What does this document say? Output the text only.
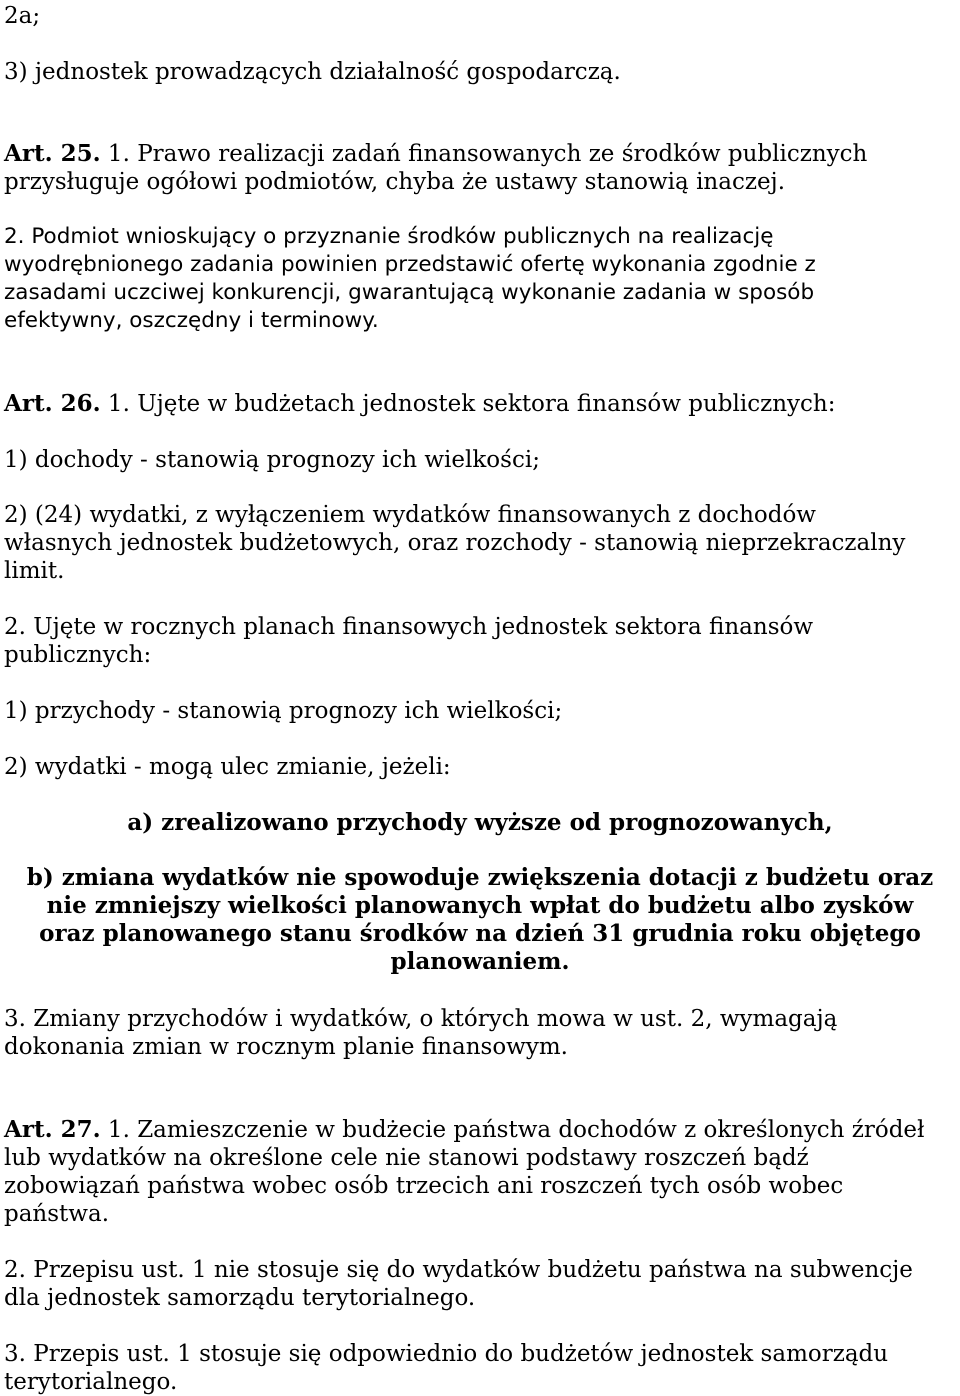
2a;

3) jednostek prowadzących działalność gospodarczą.

Art. 25. 1. Prawo realizacji zadań finansowanych ze środków publicznych
przysługuje ogółowi podmiotów, chyba że ustawy stanowią inaczej.

2. Podmiot wnioskujący o przyznanie środków publicznych na realizację
wyodrębnionego zadania powinien przedstawić ofertę wykonania zgodnie z
zasadami uczciwej konkurencji, gwarantującą wykonanie zadania w sposób
efektywny, oszczędny i terminowy.

Art. 26. 1. Ujęte w budżetach jednostek sektora finansów publicznych:

1) dochody - stanowią prognozy ich wielkości;

2) (24) wydatki, z wyłączeniem wydatków finansowanych z dochodów
własnych jednostek budżetowych, oraz rozchody - stanowią nieprzekraczalny
limit.

2. Ujęte w rocznych planach finansowych jednostek sektora finansów
publicznych:

1) przychody - stanowią prognozy ich wielkości;

2) wydatki - mogą ulec zmianie, jeżeli:

a) zrealizowano przychody wyższe od prognozowanych,

b) zmiana wydatków nie spowoduje zwiększenia dotacji z budżetu oraz
nie zmniejszy wielkości planowanych wpłat do budżetu albo zysków
oraz planowanego stanu środków na dzień 31 grudnia roku objętego
planowaniem.

3. Zmiany przychodów i wydatków, o których mowa w ust. 2, wymagają
dokonania zmian w rocznym planie finansowym.

Art. 27. 1. Zamieszczenie w budżecie państwa dochodów z określonych źródeł
lub wydatków na określone cele nie stanowi podstawy roszczeń bądź
zobowiązań państwa wobec osób trzecich ani roszczeń tych osób wobec
państwa.

2. Przepisu ust. 1 nie stosuje się do wydatków budżetu państwa na subwencje
dla jednostek samorządu terytorialnego.

3. Przepis ust. 1 stosuje się odpowiednio do budżetów jednostek samorządu
terytorialnego.
